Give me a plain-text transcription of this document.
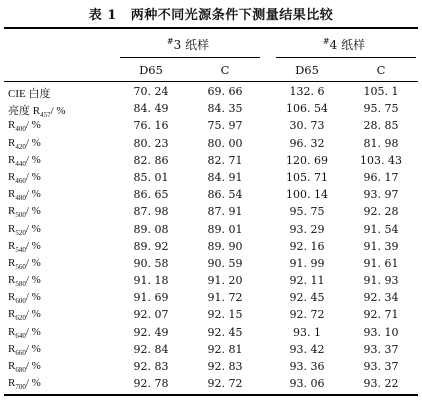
表 1 两种不同光源条件下测量结果比较
#3 纸样	#4 纸样
D65	C	D65	C
CIE 白度	70. 24	69. 66	132. 6	105. 1
亮度 $R_{457}/$ %	84. 49	84. 35	106. 54	95. 75
$R_{400}/$ %	76. 16	75. 97	30. 73	28. 85
$R_{420}/$ %	80. 23	80. 00	96. 32	81. 98
$R_{440}/$ %	82. 86	82. 71	120. 69	103. 43
$R_{460}/$ %	85. 01	84. 91	105. 71	96. 17
$R_{480}/$ %	86. 65	86. 54	100. 14	93. 97
$R_{500}/$ %	87. 98	87. 91	95. 75	92. 28
$R_{520}/$ %	89. 08	89. 01	93. 29	91. 54
$R_{540}/$ %	89. 92	89. 90	92. 16	91. 39
$R_{560}/$ %	90. 58	90. 59	91. 99	91. 61
$R_{580}/$ %	91. 18	91. 20	92. 11	91. 93
$R_{600}/$ %	91. 69	91. 72	92. 45	92. 34
$R_{620}/$ %	92. 07	92. 15	92. 72	92. 71
$R_{640}/$ %	92. 49	92. 45	93. 1	93. 10
$R_{660}/$ %	92. 84	92. 81	93. 42	93. 37
$R_{680}/$ %	92. 83	92. 83	93. 36	93. 37
$R_{700}/$ %	92. 78	92. 72	93. 06	93. 22
